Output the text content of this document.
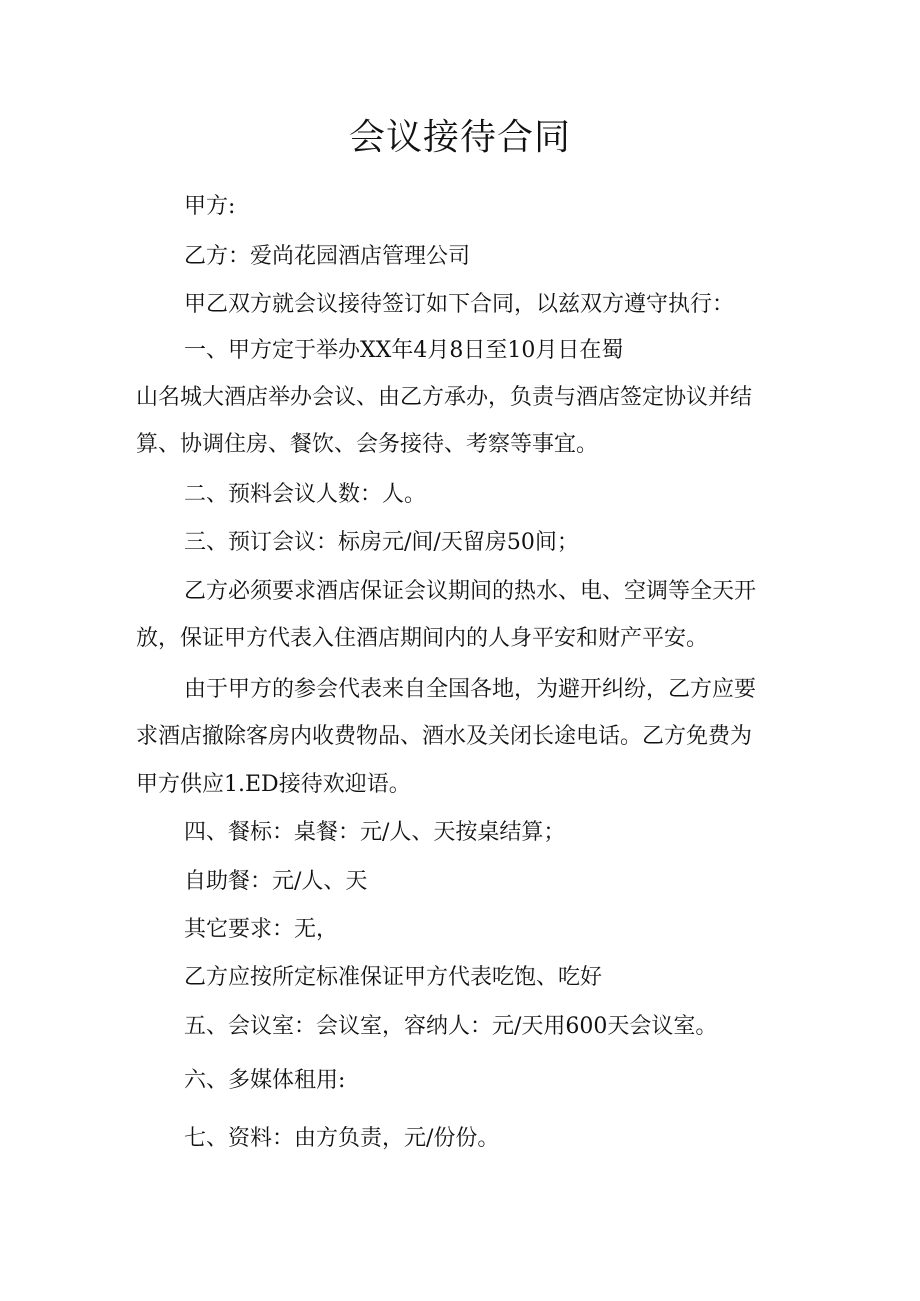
会议接待合同

甲方:

乙方：爱尚花园酒店管理公司

甲乙双方就会议接待签订如下合同，以兹双方遵守执行：

一、甲方定于举办XX年4月8日至10月日在蜀

山名城大酒店举办会议、由乙方承办，负责与酒店签定协议并结

算、协调住房、餐饮、会务接待、考察等事宜。

二、预料会议人数：人。

三、预订会议：标房元/间/天留房50间；

乙方必须要求酒店保证会议期间的热水、电、空调等全天开

放，保证甲方代表入住酒店期间内的人身平安和财产平安。

由于甲方的参会代表来自全国各地，为避开纠纷，乙方应要

求酒店撤除客房内收费物品、酒水及关闭长途电话。乙方免费为

甲方供应1.ED接待欢迎语。

四、餐标：桌餐：元/人、天按桌结算；

自助餐：元/人、天

其它要求：无，

乙方应按所定标准保证甲方代表吃饱、吃好

五、会议室：会议室，容纳人：元/天用600天会议室。

六、多媒体租用:

七、资料：由方负责，元/份份。
